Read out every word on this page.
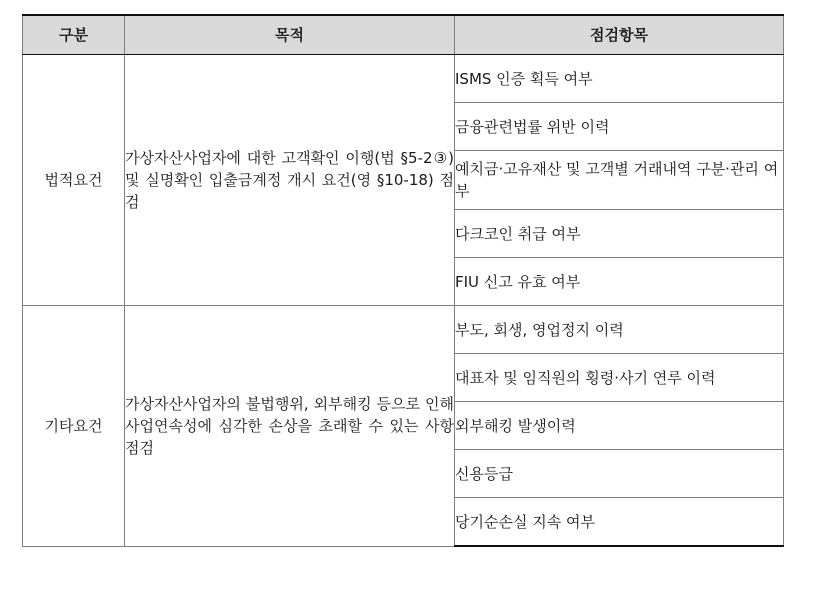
구분	목적	점검항목
법적요건	가상자산사업자에 대한 고객확인 이행(법 §5-2③) 및 실명확인 입출금계정 개시 요건(영 §10-18) 점검	ISMS 인증 획득 여부
		금융관련법률 위반 이력
		예치금·고유재산 및 고객별 거래내역 구분·관리 여부
		다크코인 취급 여부
		FIU 신고 유효 여부
기타요건	가상자산사업자의 불법행위, 외부해킹 등으로 인해 사업연속성에 심각한 손상을 초래할 수 있는 사항 점검	부도, 회생, 영업정지 이력
		대표자 및 임직원의 횡령·사기 연루 이력
		외부해킹 발생이력
		신용등급
		당기순손실 지속 여부
